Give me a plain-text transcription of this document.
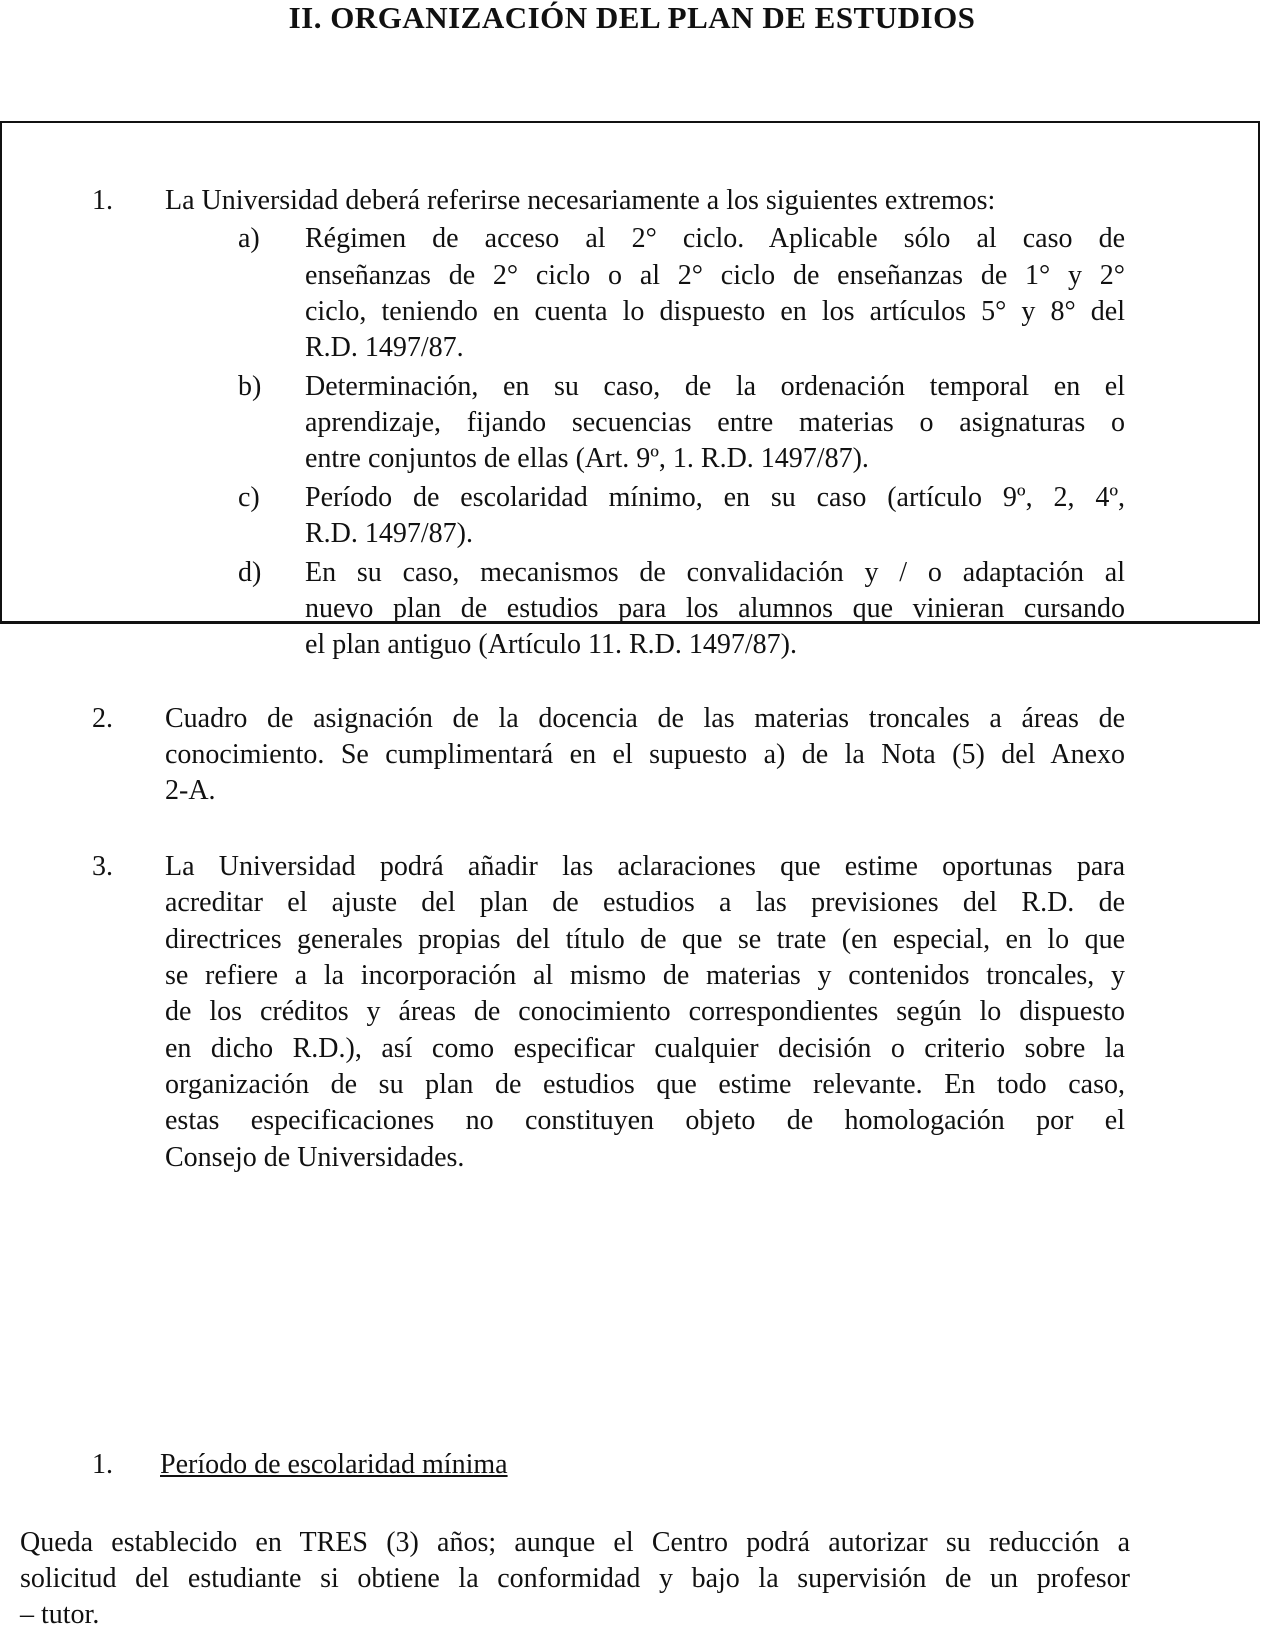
II. ORGANIZACIÓN DEL PLAN DE ESTUDIOS
1. La Universidad deberá referirse necesariamente a los siguientes extremos:
a) Régimen de acceso al 2° ciclo. Aplicable sólo al caso de
enseñanzas de 2° ciclo o al 2° ciclo de enseñanzas de 1° y 2°
ciclo, teniendo en cuenta lo dispuesto en los artículos 5° y 8° del
R.D. 1497/87.
b) Determinación, en su caso, de la ordenación temporal en el
aprendizaje, fijando secuencias entre materias o asignaturas o
entre conjuntos de ellas (Art. 9º, 1. R.D. 1497/87).
c) Período de escolaridad mínimo, en su caso (artículo 9º, 2, 4º,
R.D. 1497/87).
d) En su caso, mecanismos de convalidación y / o adaptación al
nuevo plan de estudios para los alumnos que vinieran cursando
el plan antiguo (Artículo 11. R.D. 1497/87).
2. Cuadro de asignación de la docencia de las materias troncales a áreas de
conocimiento. Se cumplimentará en el supuesto a) de la Nota (5) del Anexo
2-A.
3. La Universidad podrá añadir las aclaraciones que estime oportunas para
acreditar el ajuste del plan de estudios a las previsiones del R.D. de
directrices generales propias del título de que se trate (en especial, en lo que
se refiere a la incorporación al mismo de materias y contenidos troncales, y
de los créditos y áreas de conocimiento correspondientes según lo dispuesto
en dicho R.D.), así como especificar cualquier decisión o criterio sobre la
organización de su plan de estudios que estime relevante. En todo caso,
estas especificaciones no constituyen objeto de homologación por el
Consejo de Universidades.
1. Período de escolaridad mínima
Queda establecido en TRES (3) años; aunque el Centro podrá autorizar su reducción a
solicitud del estudiante si obtiene la conformidad y bajo la supervisión de un profesor
– tutor.
